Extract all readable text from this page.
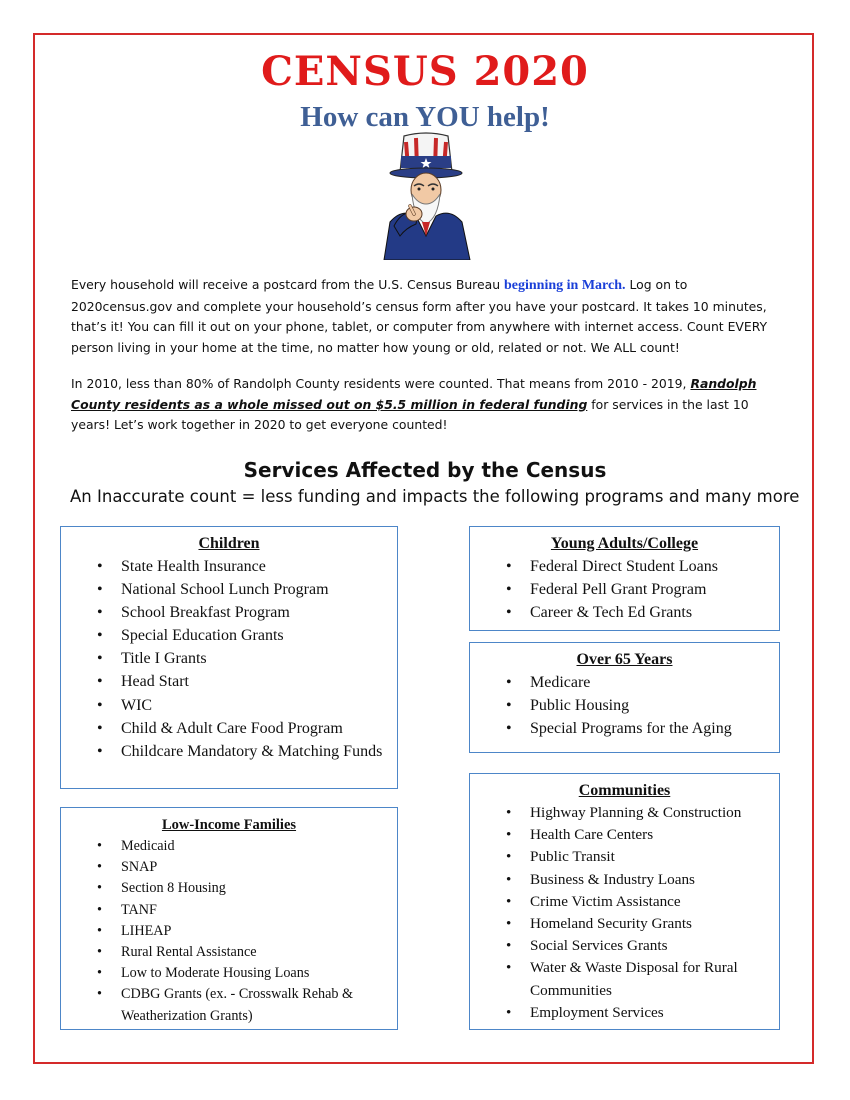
CENSUS 2020
How can YOU help!
Every household will receive a postcard from the U.S. Census Bureau beginning in March. Log on to 2020census.gov and complete your household’s census form after you have your postcard. It takes 10 minutes, that’s it! You can fill it out on your phone, tablet, or computer from anywhere with internet access. Count EVERY person living in your home at the time, no matter how young or old, related or not. We ALL count!
In 2010, less than 80% of Randolph County residents were counted. That means from 2010 - 2019, Randolph County residents as a whole missed out on $5.5 million in federal funding for services in the last 10 years! Let’s work together in 2020 to get everyone counted!
Services Affected by the Census
An Inaccurate count = less funding and impacts the following programs and many more
Children
• State Health Insurance
• National School Lunch Program
• School Breakfast Program
• Special Education Grants
• Title I Grants
• Head Start
• WIC
• Child & Adult Care Food Program
• Childcare Mandatory & Matching Funds
Low-Income Families
• Medicaid
• SNAP
• Section 8 Housing
• TANF
• LIHEAP
• Rural Rental Assistance
• Low to Moderate Housing Loans
• CDBG Grants (ex. - Crosswalk Rehab & Weatherization Grants)
Young Adults/College
• Federal Direct Student Loans
• Federal Pell Grant Program
• Career & Tech Ed Grants
Over 65 Years
• Medicare
• Public Housing
• Special Programs for the Aging
Communities
• Highway Planning & Construction
• Health Care Centers
• Public Transit
• Business & Industry Loans
• Crime Victim Assistance
• Homeland Security Grants
• Social Services Grants
• Water & Waste Disposal for Rural Communities
• Employment Services
